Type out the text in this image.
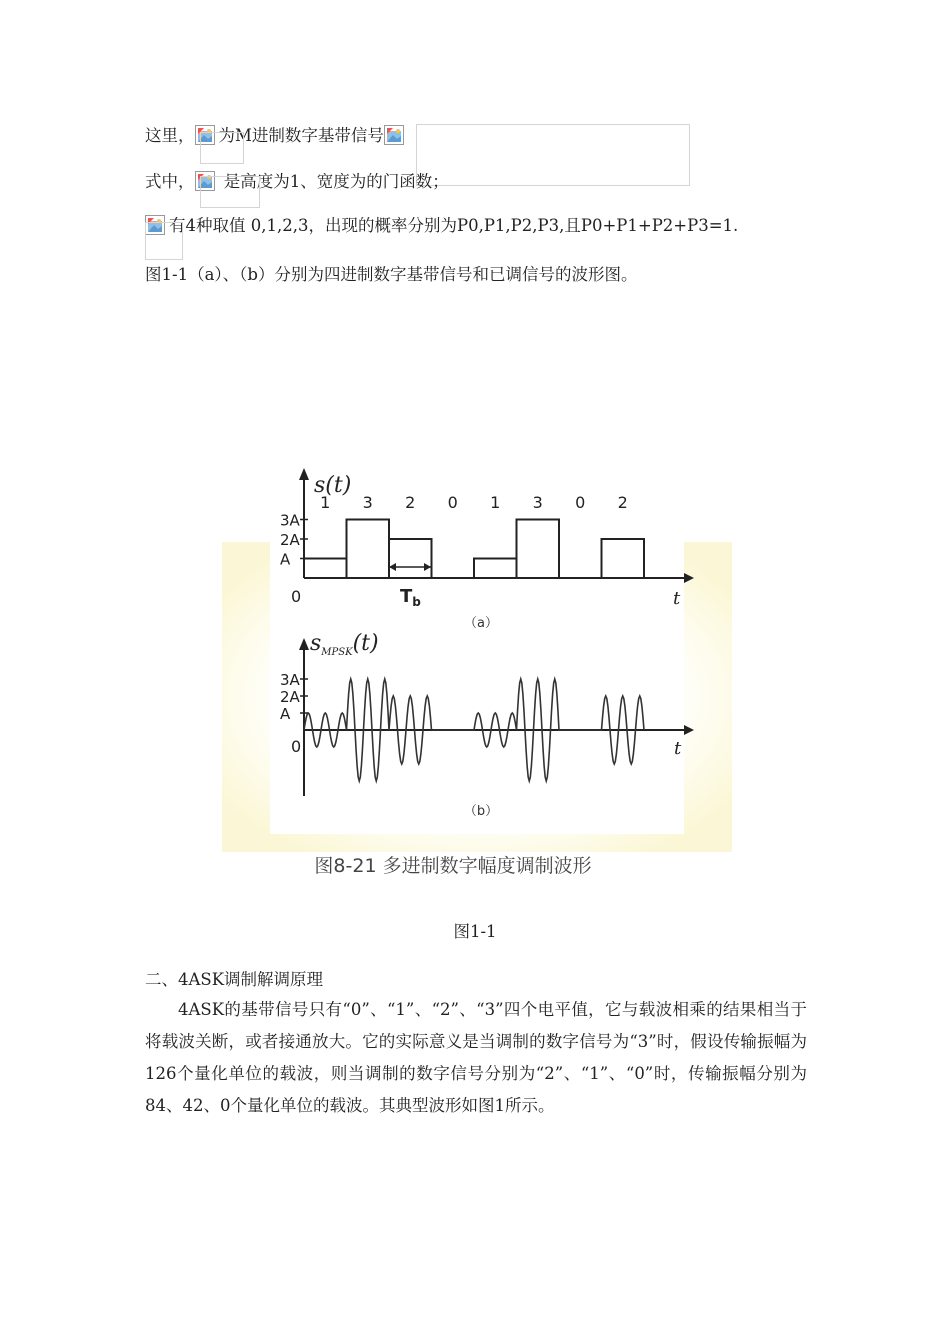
这里， 为M进制数字基带信号
式中， 是高度为1、宽度为的门函数；
有4种取值 0,1,2,3，出现的概率分别为P0,P1,P2,P3,且P0+P1+P2+P3=1.
图1-1（a）、（b）分别为四进制数字基带信号和已调信号的波形图。
s(t)
3A
2A
A
1 3 2 0 1 3 0 2
$T_b$
0	t
（a）
$s_{MPSK}(t)$
3A
2A
A
0	t
（b）
图8-21 多进制数字幅度调制波形
图1-1
二、4ASK调制解调原理
4ASK的基带信号只有“0”、“1”、“2”、“3”四个电平值，它与载波相乘的结果相当于将载波关断，或者接通放大。它的实际意义是当调制的数字信号为“3”时，假设传输振幅为126个量化单位的载波，则当调制的数字信号分别为“2”、“1”、“0”时，传输振幅分别为84、42、0个量化单位的载波。其典型波形如图1所示。
